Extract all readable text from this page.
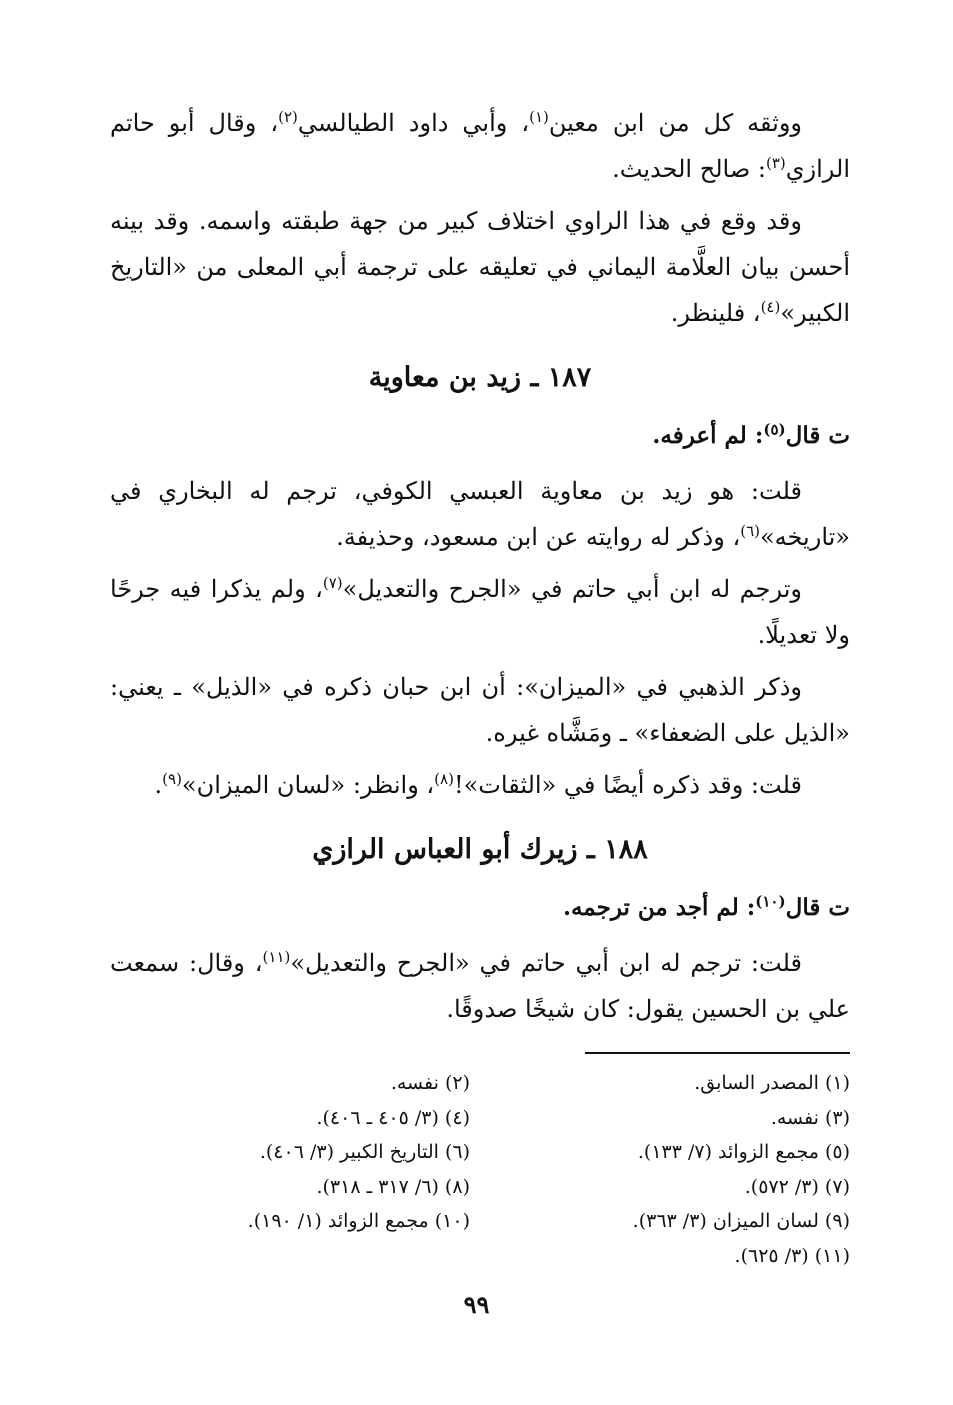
ووثقه كل من ابن معين$^{(١)}$، وأبي داود الطيالسي$^{(٢)}$، وقال أبو حاتم الرازي$^{(٣)}$: صالح الحديث.

وقد وقع في هذا الراوي اختلاف كبير من جهة طبقته واسمه. وقد بينه أحسن بيان العلَّامة اليماني في تعليقه على ترجمة أبي المعلى من «التاريخ الكبير»$^{(٤)}$، فلينظر.

١٨٧ ـ زيد بن معاوية
ت قال$^{(٥)}$: لم أعرفه.

قلت: هو زيد بن معاوية العبسي الكوفي، ترجم له البخاري في «تاريخه»$^{(٦)}$، وذكر له روايته عن ابن مسعود، وحذيفة.

وترجم له ابن أبي حاتم في «الجرح والتعديل»$^{(٧)}$، ولم يذكرا فيه جرحًا ولا تعديلًا.

وذكر الذهبي في «الميزان»: أن ابن حبان ذكره في «الذيل» ـ يعني: «الذيل على الضعفاء» ـ ومَشَّاه غيره.

قلت: وقد ذكره أيضًا في «الثقات»!$^{(٨)}$، وانظر: «لسان الميزان»$^{(٩)}$.

١٨٨ ـ زيرك أبو العباس الرازي
ت قال$^{(١٠)}$: لم أجد من ترجمه.

قلت: ترجم له ابن أبي حاتم في «الجرح والتعديل»$^{(١١)}$، وقال: سمعت علي بن الحسين يقول: كان شيخًا صدوقًا.

(١) المصدر السابق.
(٢) نفسه.
(٣) نفسه.
(٤) (٣/ ٤٠٥ ـ ٤٠٦).
(٥) مجمع الزوائد (٧/ ١٣٣).
(٦) التاريخ الكبير (٣/ ٤٠٦).
(٧) (٣/ ٥٧٢).
(٨) (٦/ ٣١٧ ـ ٣١٨).
(٩) لسان الميزان (٣/ ٣٦٣).
(١٠) مجمع الزوائد (١/ ١٩٠).
(١١) (٣/ ٦٢٥).
٩٩
